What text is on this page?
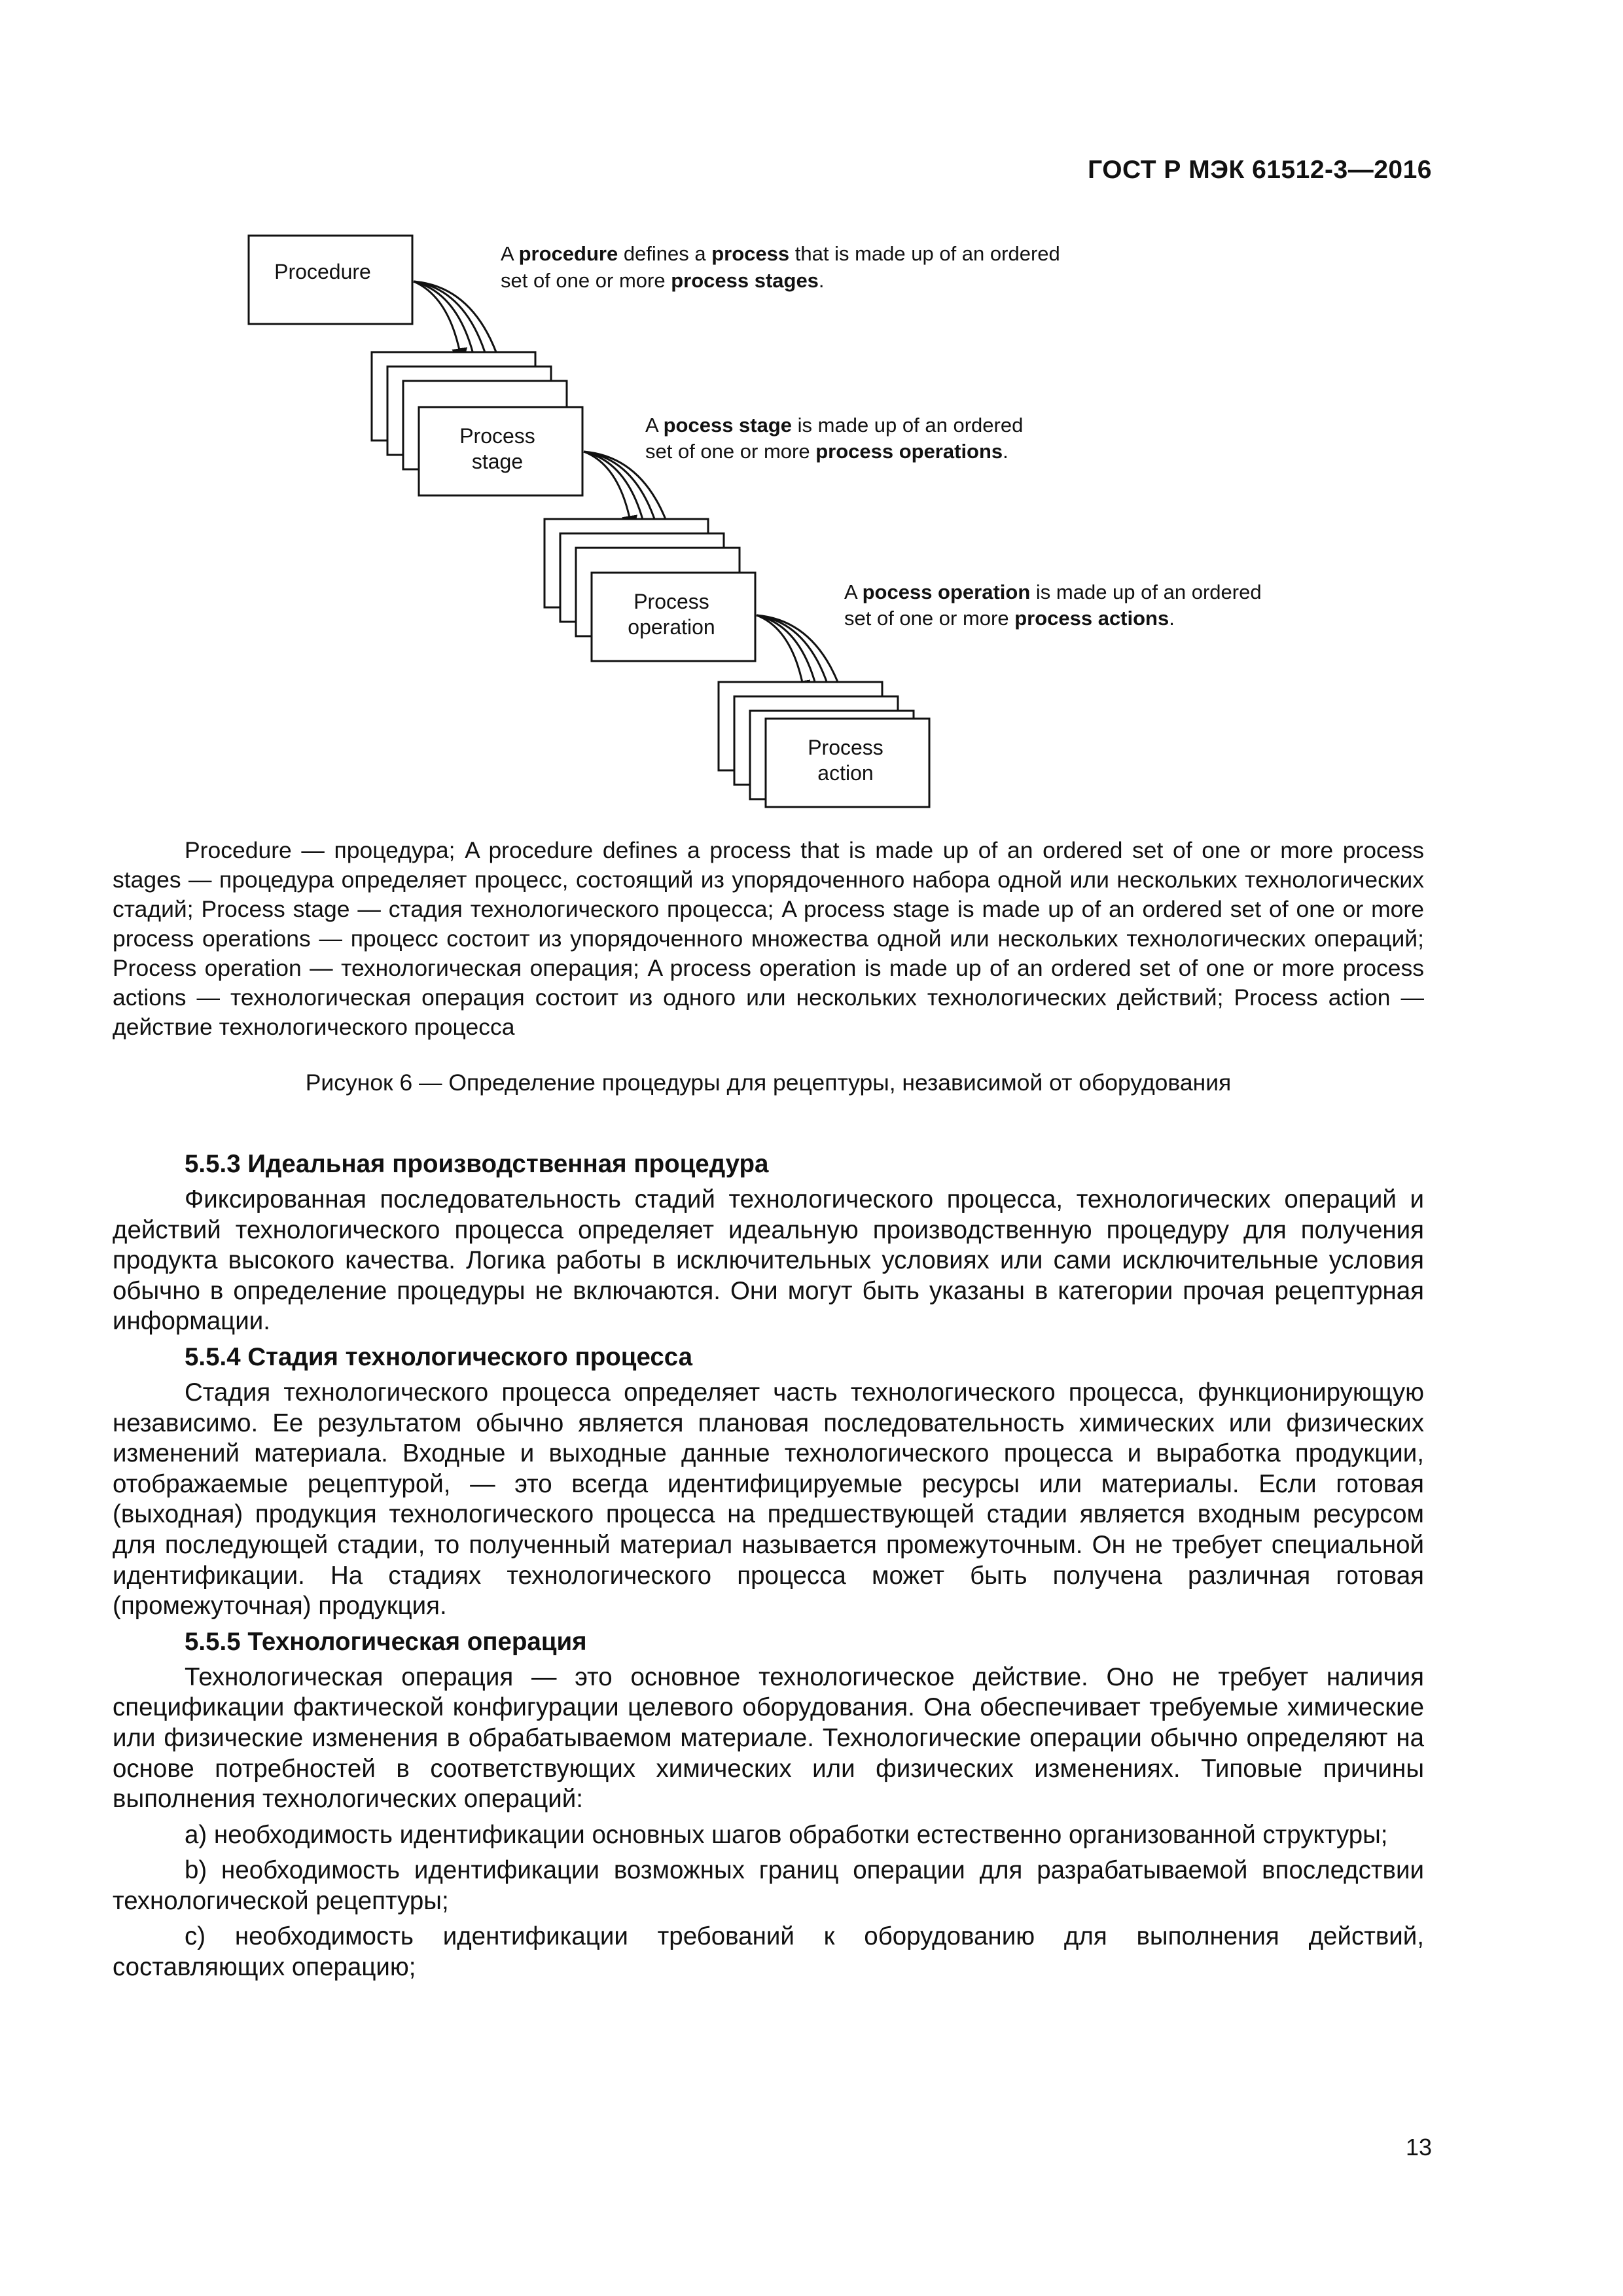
ГОСТ Р МЭК 61512-3—2016
Procedure
A procedure defines a process that is made up of an ordered
set of one or more process stages.
Process
stage
A pocess stage is made up of an ordered
set of one or more process operations.
Process
operation
A pocess operation is made up of an ordered
set of one or more process actions.
Process
action

Procedure — процедура; A procedure defines a process that is made up of an ordered set of one or more process stages — процедура определяет процесс, состоящий из упорядоченного набора одной или нескольких технологических стадий; Process stage — стадия технологического процесса; A process stage is made up of an ordered set of one or more process operations — процесс состоит из упорядоченного множества одной или нескольких технологических операций; Process operation — технологическая операция; A process operation is made up of an ordered set of one or more process actions — технологическая операция состоит из одного или нескольких технологических действий; Process action — действие технологического процесса

Рисунок 6 — Определение процедуры для рецептуры, независимой от оборудования
5.5.3 Идеальная производственная процедура

Фиксированная последовательность стадий технологического процесса, технологических операций и действий технологического процесса определяет идеальную производственную процедуру для получения продукта высокого качества. Логика работы в исключительных условиях или сами исключительные условия обычно в определение процедуры не включаются. Они могут быть указаны в категории прочая рецептурная информации.

5.5.4 Стадия технологического процесса

Стадия технологического процесса определяет часть технологического процесса, функционирующую независимо. Ее результатом обычно является плановая последовательность химических или физических изменений материала. Входные и выходные данные технологического процесса и выработка продукции, отображаемые рецептурой, — это всегда идентифицируемые ресурсы или материалы. Если готовая (выходная) продукция технологического процесса на предшествующей стадии является входным ресурсом для последующей стадии, то полученный материал называется промежуточным. Он не требует специальной идентификации. На стадиях технологического процесса может быть получена различная готовая (промежуточная) продукция.

5.5.5 Технологическая операция

Технологическая операция — это основное технологическое действие. Оно не требует наличия спецификации фактической конфигурации целевого оборудования. Она обеспечивает требуемые химические или физические изменения в обрабатываемом материале. Технологические операции обычно определяют на основе потребностей в соответствующих химических или физических изменениях. Типовые причины выполнения технологических операций:

a) необходимость идентификации основных шагов обработки естественно организованной структуры;

b) необходимость идентификации возможных границ операции для разрабатываемой впоследствии технологической рецептуры;

c) необходимость идентификации требований к оборудованию для выполнения действий, составляющих операцию;

13
